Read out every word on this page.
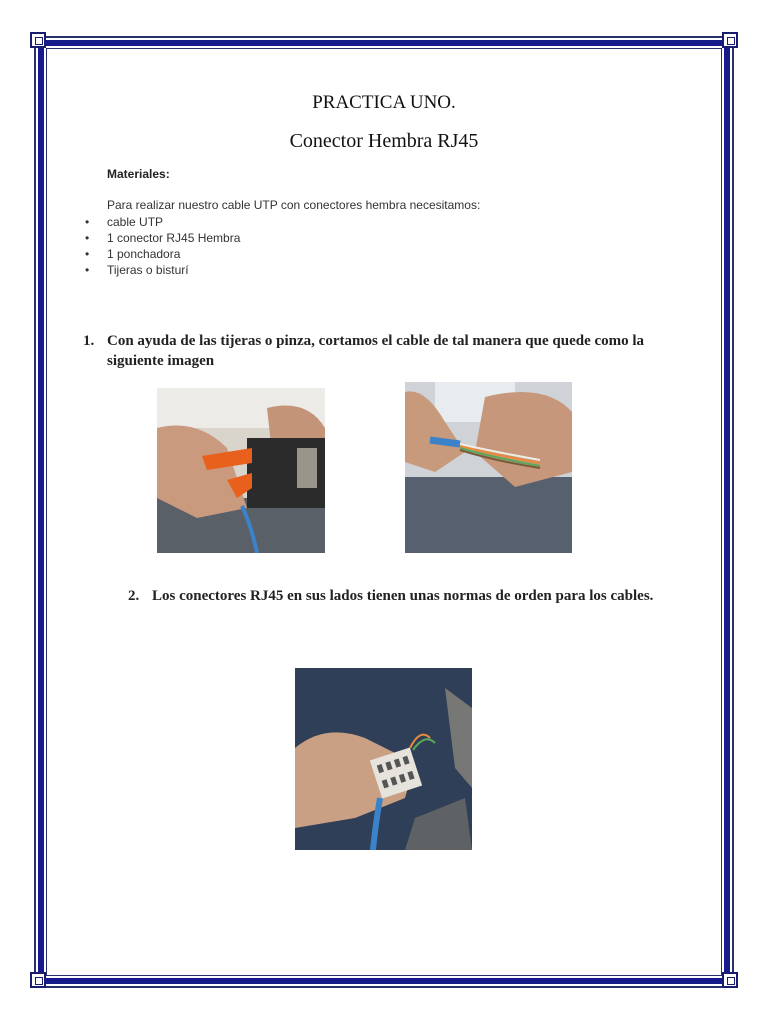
PRACTICA UNO.
Conector Hembra RJ45
Materiales:
Para realizar nuestro cable UTP con conectores hembra necesitamos:
• cable UTP
• 1 conector RJ45 Hembra
• 1 ponchadora
• Tijeras o bisturí
1. Con ayuda de las tijeras o pinza, cortamos el cable de tal manera que quede como la siguiente imagen
2. Los conectores RJ45 en sus lados tienen unas normas de orden para los cables.
